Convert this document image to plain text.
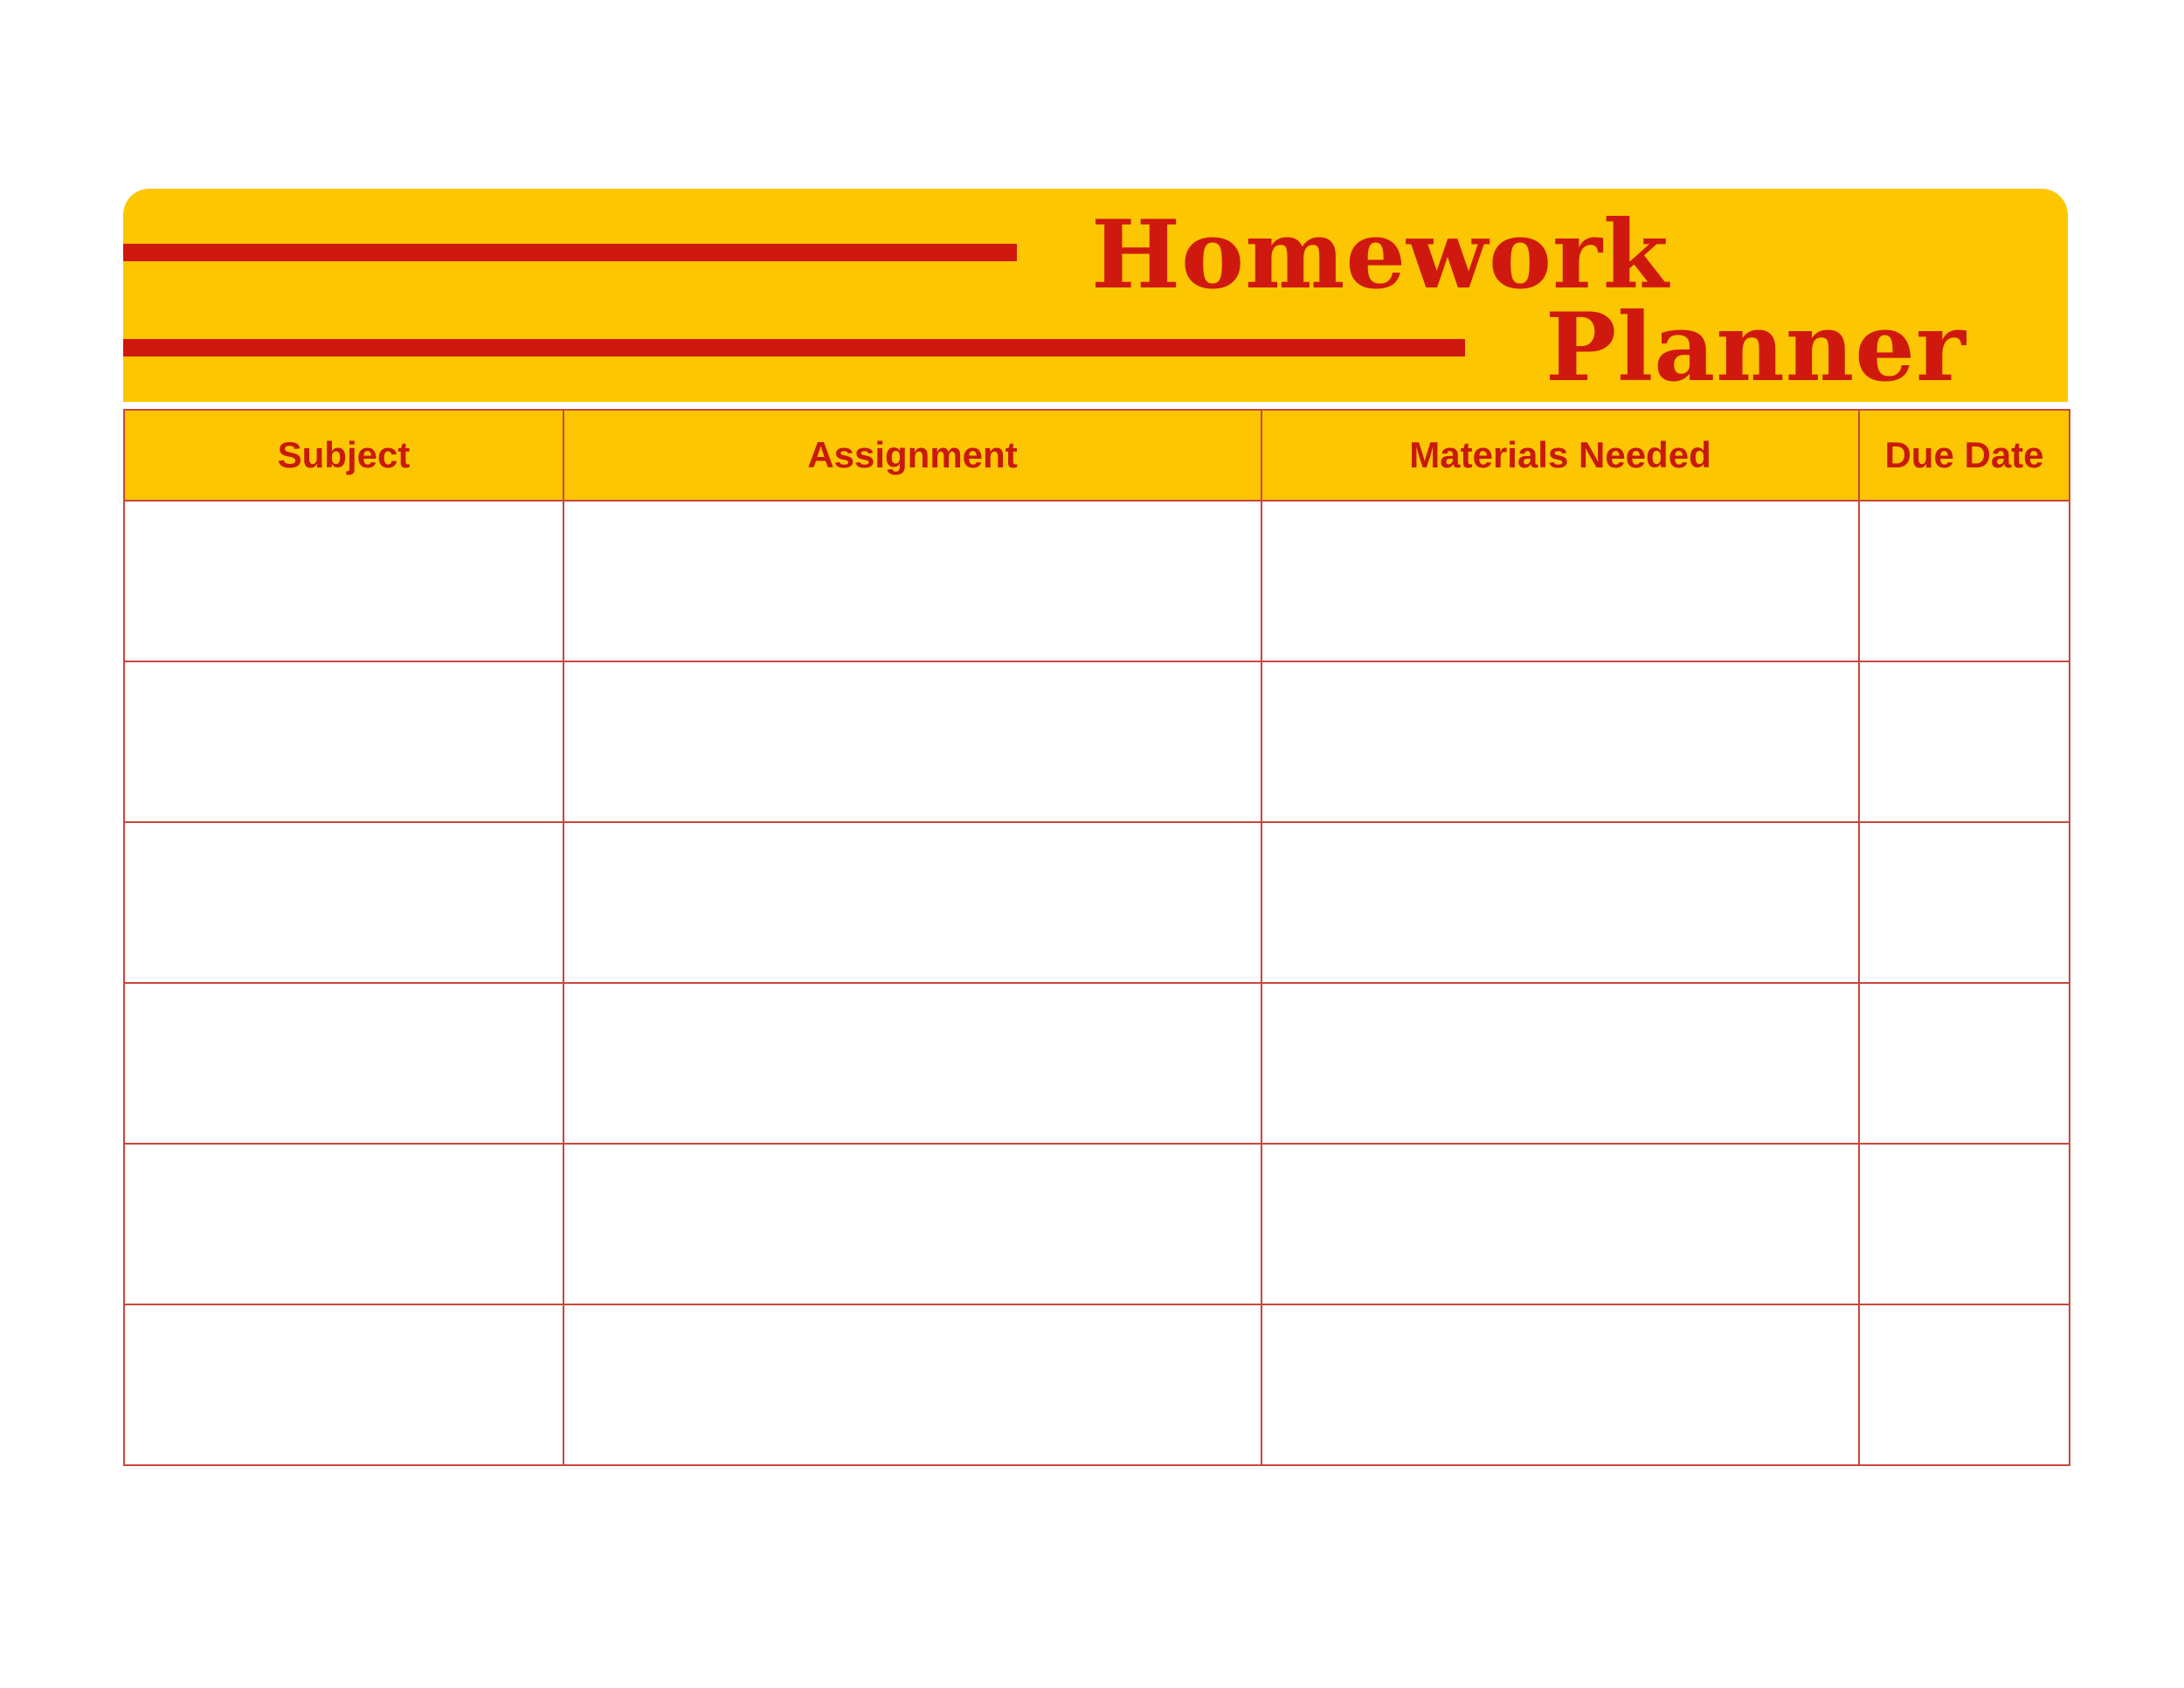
Homework
Planner
Subject	Assignment	Materials Needed	Due Date
